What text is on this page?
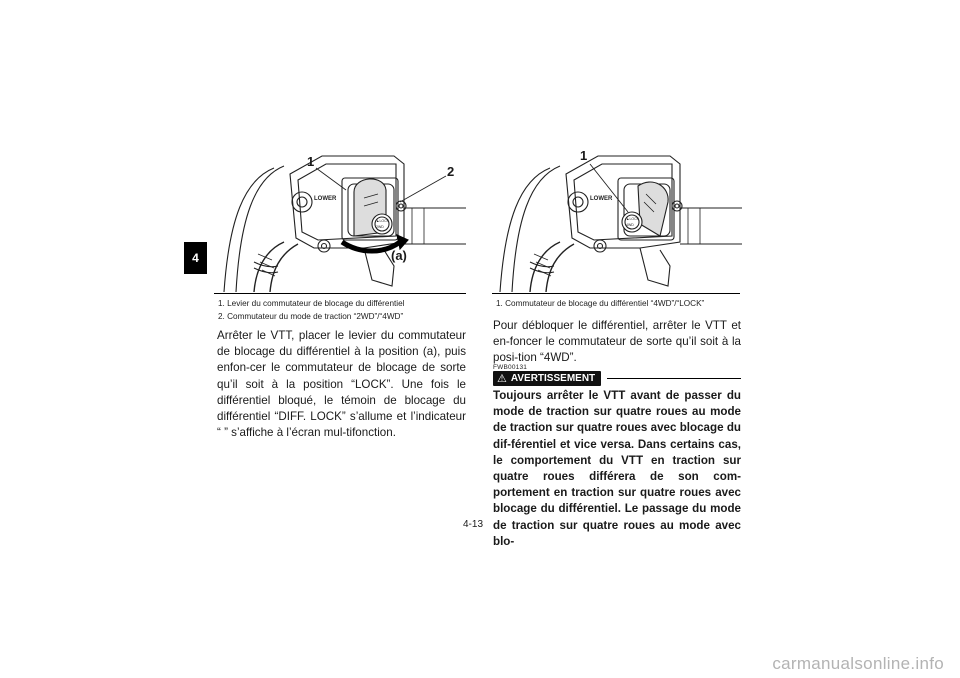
4
▲LOCK
2WD
LOWER
1
2
(a)
1. Levier du commutateur de blocage du différentiel
2. Commutateur du mode de traction “2WD”/“4WD”

Arrêter le VTT, placer le levier du commutateur de blocage du différentiel à la position (a), puis enfon-cer le commutateur de blocage de sorte qu’il soit à la position “LOCK”. Une fois le différentiel bloqué, le témoin de blocage du différentiel “DIFF. LOCK” s’allume et l’indicateur “ ” s’affiche à l’écran mul-tifonction.

▲LOCK
4WD
LOWER
1
1. Commutateur de blocage du différentiel “4WD”/“LOCK”

Pour débloquer le différentiel, arrêter le VTT et en-foncer le commutateur de sorte qu’il soit à la posi-tion “4WD”.

FWB00131
⚠ AVERTISSEMENT

Toujours arrêter le VTT avant de passer du mode de traction sur quatre roues au mode de traction sur quatre roues avec blocage du dif-férentiel et vice versa. Dans certains cas, le comportement du VTT en traction sur quatre roues différera de son com-portement en traction sur quatre roues avec blocage du différentiel. Le passage du mode de traction sur quatre roues au mode avec blo-

4-13
carmanualsonline.info
